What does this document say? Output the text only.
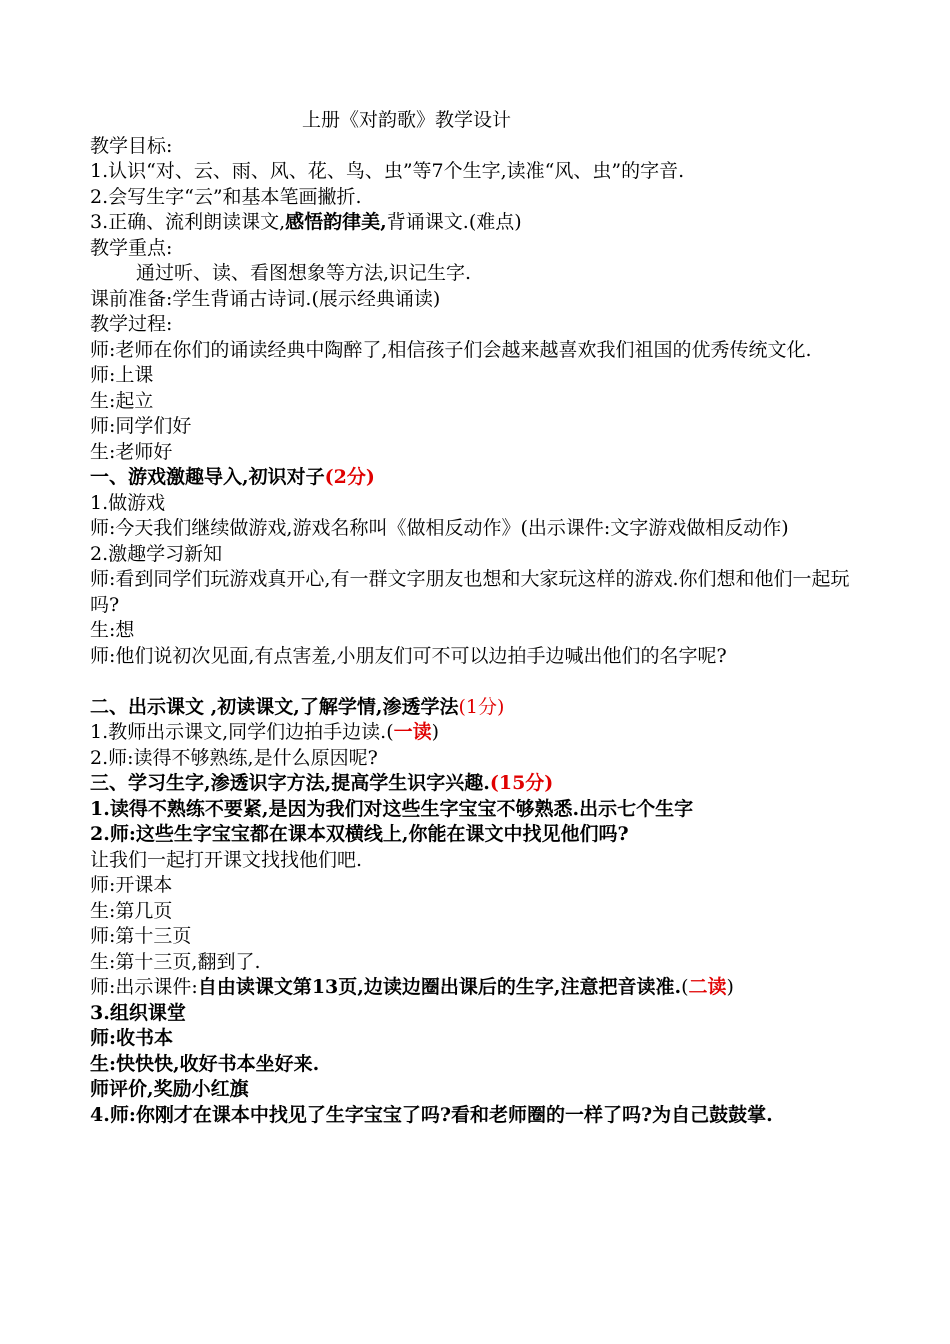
上册《对韵歌》教学设计
教学目标:
1.认识“对、云、雨、风、花、鸟、虫”等7个生字,读准“风、虫”的字音.
2.会写生字“云”和基本笔画撇折.
3.正确、流利朗读课文,感悟韵律美,背诵课文.(难点)
教学重点:
通过听、读、看图想象等方法,识记生字.
课前准备:学生背诵古诗词.(展示经典诵读)
教学过程:
师:老师在你们的诵读经典中陶醉了,相信孩子们会越来越喜欢我们祖国的优秀传统文化.
师:上课
生:起立
师:同学们好
生:老师好
一、游戏激趣导入,初识对子(2分)
1.做游戏
师:今天我们继续做游戏,游戏名称叫《做相反动作》(出示课件:文字游戏做相反动作)
2.激趣学习新知
师:看到同学们玩游戏真开心,有一群文字朋友也想和大家玩这样的游戏.你们想和他们一起玩吗?
生:想
师:他们说初次见面,有点害羞,小朋友们可不可以边拍手边喊出他们的名字呢?
二、出示课文 ,初读课文,了解学情,渗透学法(1分)
1.教师出示课文,同学们边拍手边读.(一读)
2.师:读得不够熟练,是什么原因呢?
三、学习生字,渗透识字方法,提高学生识字兴趣.(15分)
1.读得不熟练不要紧,是因为我们对这些生字宝宝不够熟悉.出示七个生字
2.师:这些生字宝宝都在课本双横线上,你能在课文中找见他们吗?
让我们一起打开课文找找他们吧.
师:开课本
生:第几页
师:第十三页
生:第十三页,翻到了.
师:出示课件:自由读课文第13页,边读边圈出课后的生字,注意把音读准.(二读)
3.组织课堂
师:收书本
生:快快快,收好书本坐好来.
师评价,奖励小红旗
4.师:你刚才在课本中找见了生字宝宝了吗?看和老师圈的一样了吗?为自己鼓鼓掌.
